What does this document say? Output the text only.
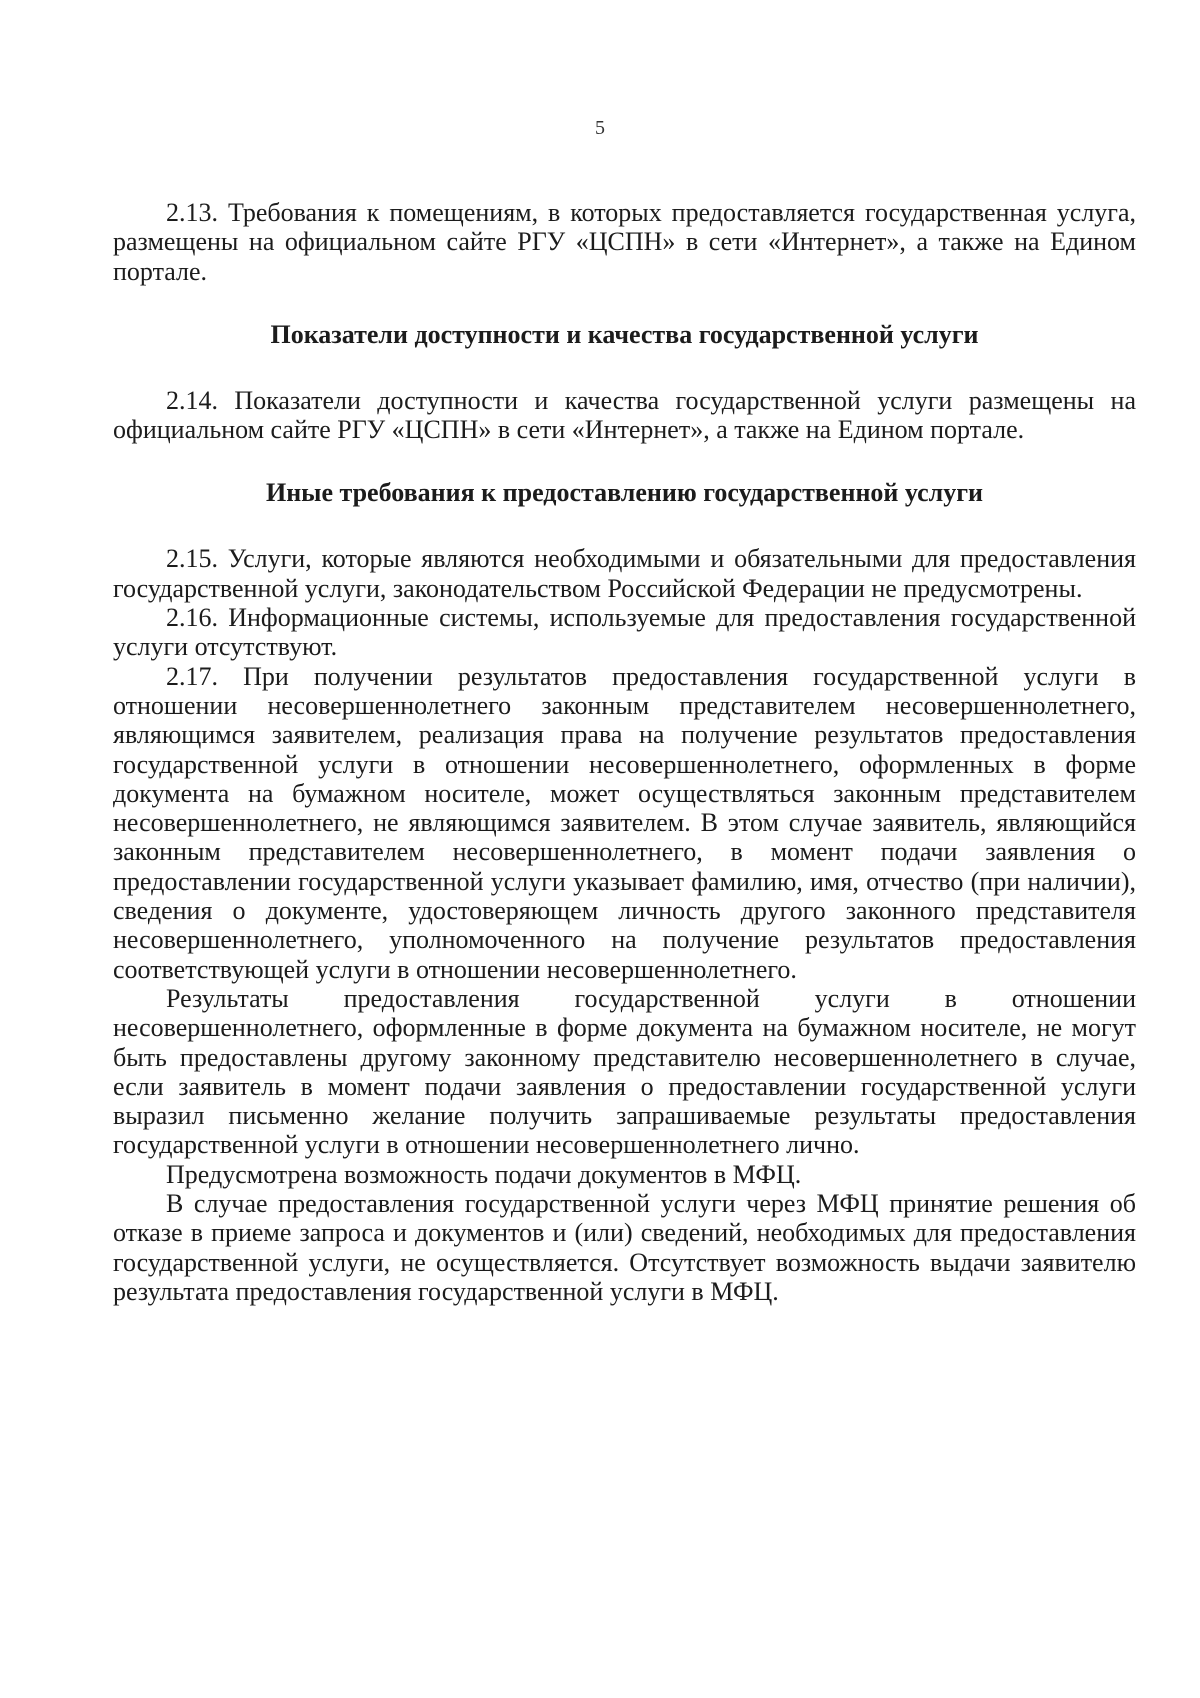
5

2.13. Требования к помещениям, в которых предоставляется государственная услуга, размещены на официальном сайте РГУ «ЦСПН» в сети «Интернет», а также на Едином портале.

Показатели доступности и качества государственной услуги

2.14. Показатели доступности и качества государственной услуги размещены на официальном сайте РГУ «ЦСПН» в сети «Интернет», а также на Едином портале.

Иные требования к предоставлению государственной услуги

2.15. Услуги, которые являются необходимыми и обязательными для предоставления государственной услуги, законодательством Российской Федерации не предусмотрены.

2.16. Информационные системы, используемые для предоставления государственной услуги отсутствуют.

2.17. При получении результатов предоставления государственной услуги в отношении несовершеннолетнего законным представителем несовершеннолетнего, являющимся заявителем, реализация права на получение результатов предоставления государственной услуги в отношении несовершеннолетнего, оформленных в форме документа на бумажном носителе, может осуществляться законным представителем несовершеннолетнего, не являющимся заявителем. В этом случае заявитель, являющийся законным представителем несовершеннолетнего, в момент подачи заявления о предоставлении государственной услуги указывает фамилию, имя, отчество (при наличии), сведения о документе, удостоверяющем личность другого законного представителя несовершеннолетнего, уполномоченного на получение результатов предоставления соответствующей услуги в отношении несовершеннолетнего.

Результаты предоставления государственной услуги в отношении несовершеннолетнего, оформленные в форме документа на бумажном носителе, не могут быть предоставлены другому законному представителю несовершеннолетнего в случае, если заявитель в момент подачи заявления о предоставлении государственной услуги выразил письменно желание получить запрашиваемые результаты предоставления государственной услуги в отношении несовершеннолетнего лично.

Предусмотрена возможность подачи документов в МФЦ.

В случае предоставления государственной услуги через МФЦ принятие решения об отказе в приеме запроса и документов и (или) сведений, необходимых для предоставления государственной услуги, не осуществляется. Отсутствует возможность выдачи заявителю результата предоставления государственной услуги в МФЦ.
